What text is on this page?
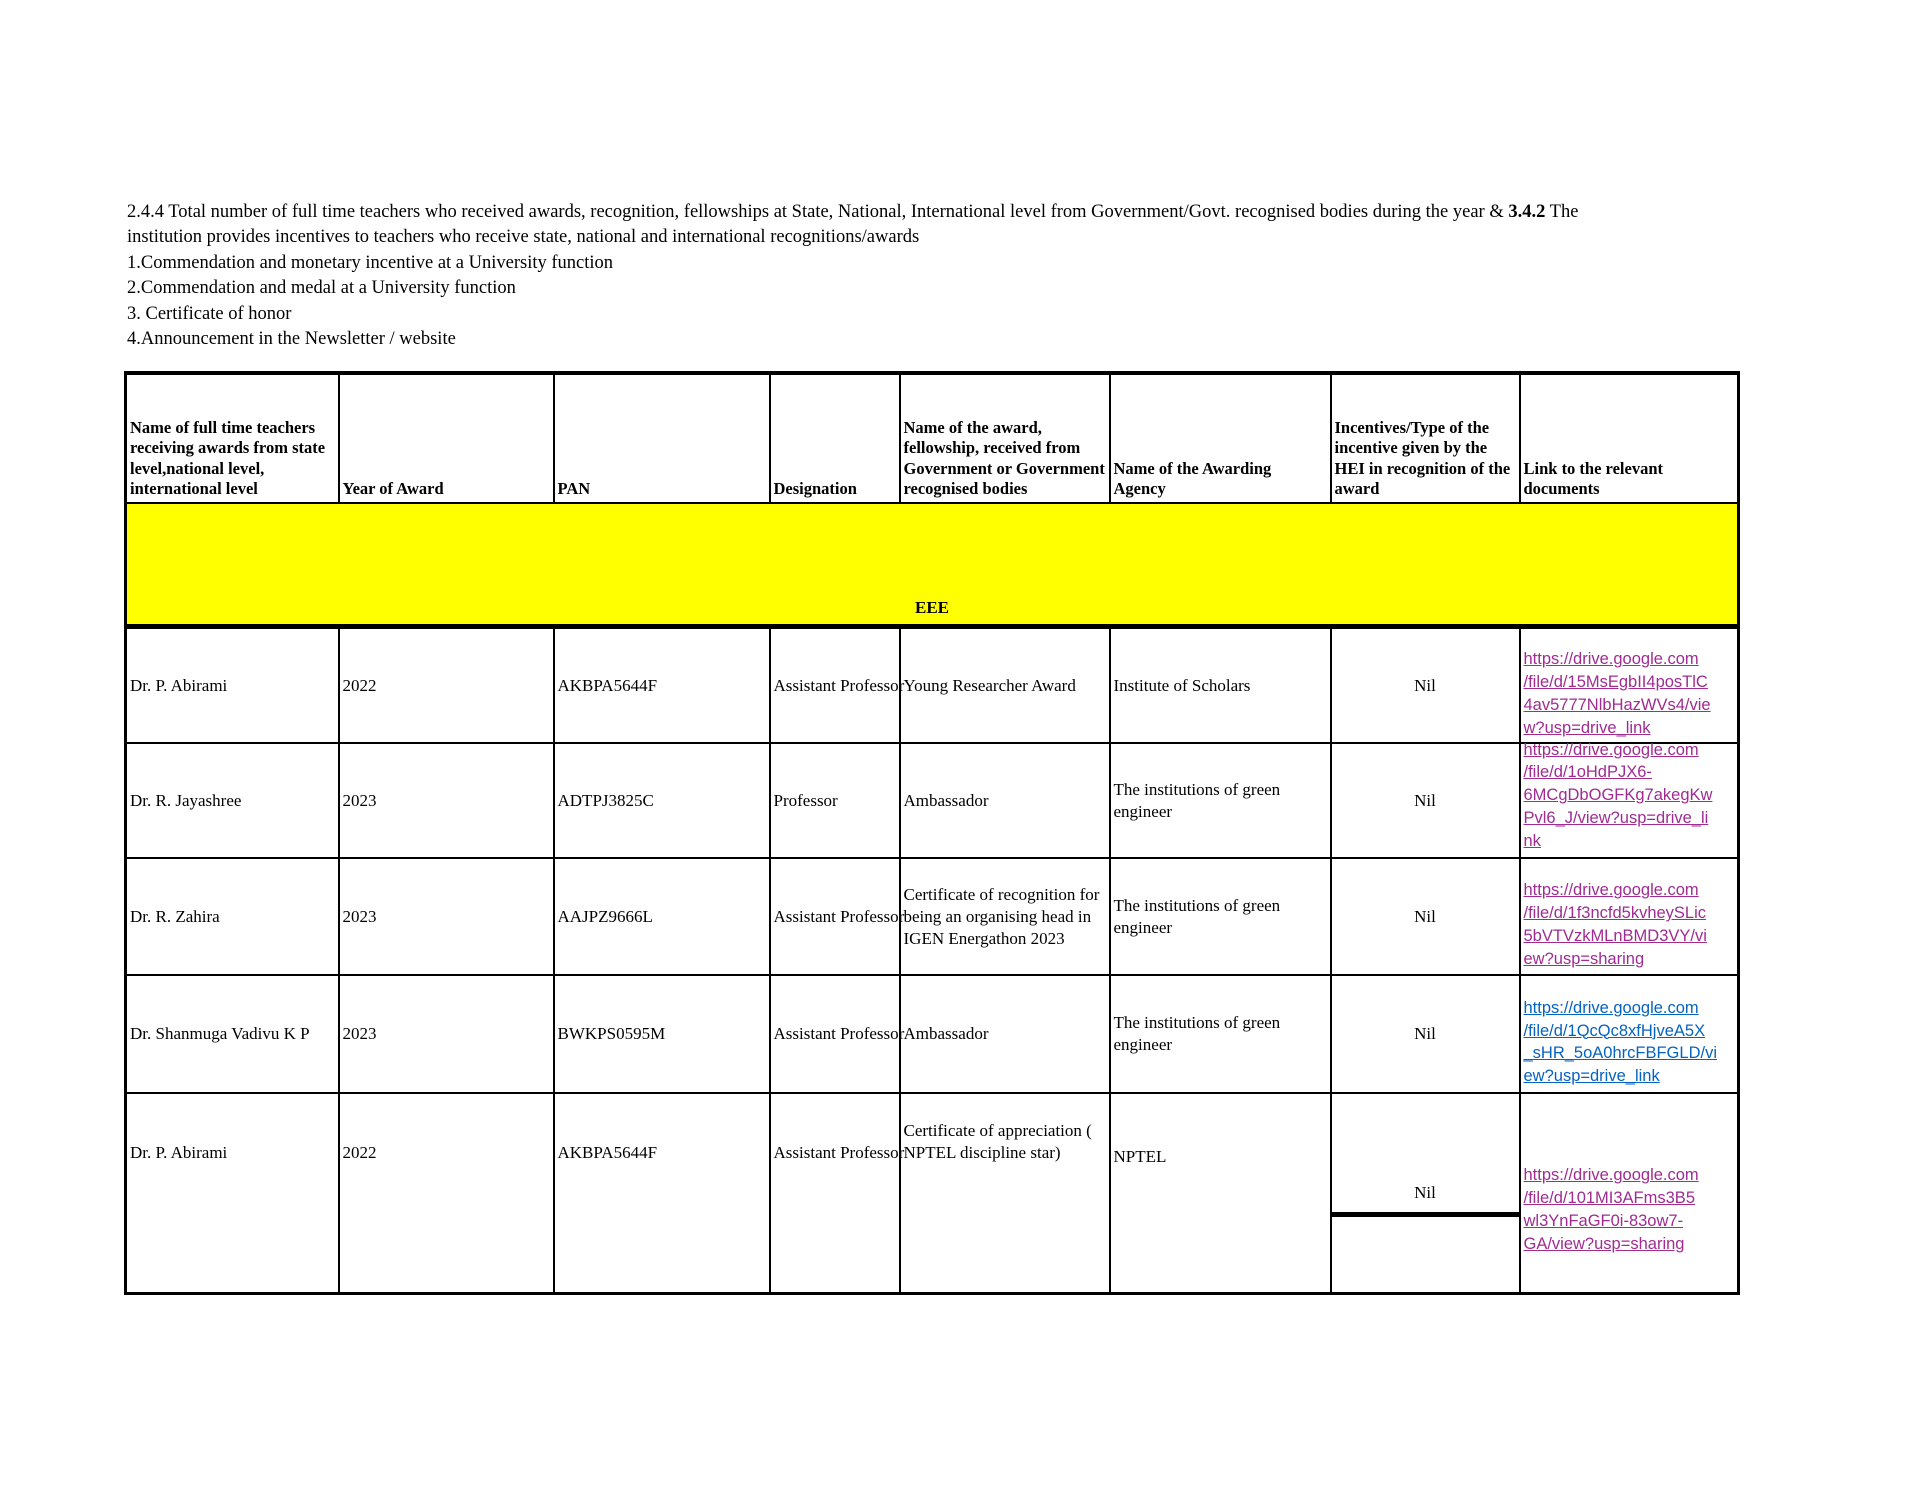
2.4.4 Total number of full time teachers who received awards, recognition, fellowships at State, National, International level from Government/Govt. recognised bodies during the year & 3.4.2 The
institution provides incentives to teachers who receive state, national and international recognitions/awards
1.Commendation and monetary incentive at a University function
2.Commendation and medal at a University function
3. Certificate of honor
4.Announcement in the Newsletter / website
Name of full time teachers receiving awards from state level,national level, international level	Year of Award	PAN	Designation	Name of the award, fellowship, received from Government or Government recognised bodies	Name of the Awarding Agency	Incentives/Type of the incentive given by the HEI in recognition of the award	Link to the relevant documents
EEE							
Dr. P. Abirami	2022	AKBPA5644F	Assistant Professor	Young Researcher Award	Institute of Scholars	Nil	https://drive.google.com
/file/d/15MsEgbII4posTlC
4av5777NlbHazWVs4/vie
w?usp=drive_link

Dr. R. Jayashree	2023	ADTPJ3825C	Professor	Ambassador	The institutions of green engineer	Nil	https://drive.google.com
/file/d/1oHdPJX6-
6MCgDbOGFKg7akegKw
Pvl6_J/view?usp=drive_li
nk

Dr. R. Zahira	2023	AAJPZ9666L	Assistant Professor	Certificate of recognition for being an organising head in IGEN Energathon 2023	The institutions of green engineer	Nil	https://drive.google.com
/file/d/1f3ncfd5kvheySLic
5bVTVzkMLnBMD3VY/vi
ew?usp=sharing

Dr. Shanmuga Vadivu K P	2023	BWKPS0595M	Assistant Professor	Ambassador	The institutions of green engineer	Nil	https://drive.google.com
/file/d/1QcQc8xfHjveA5X
_sHR_5oA0hrcFBFGLD/vi
ew?usp=drive_link

Dr. P. Abirami	2022	AKBPA5644F	Assistant Professor	Certificate of appreciation ( NPTEL discipline star)	NPTEL	Nil	https://drive.google.com
/file/d/101MI3AFms3B5
wl3YnFaGF0i-83ow7-
GA/view?usp=sharing
